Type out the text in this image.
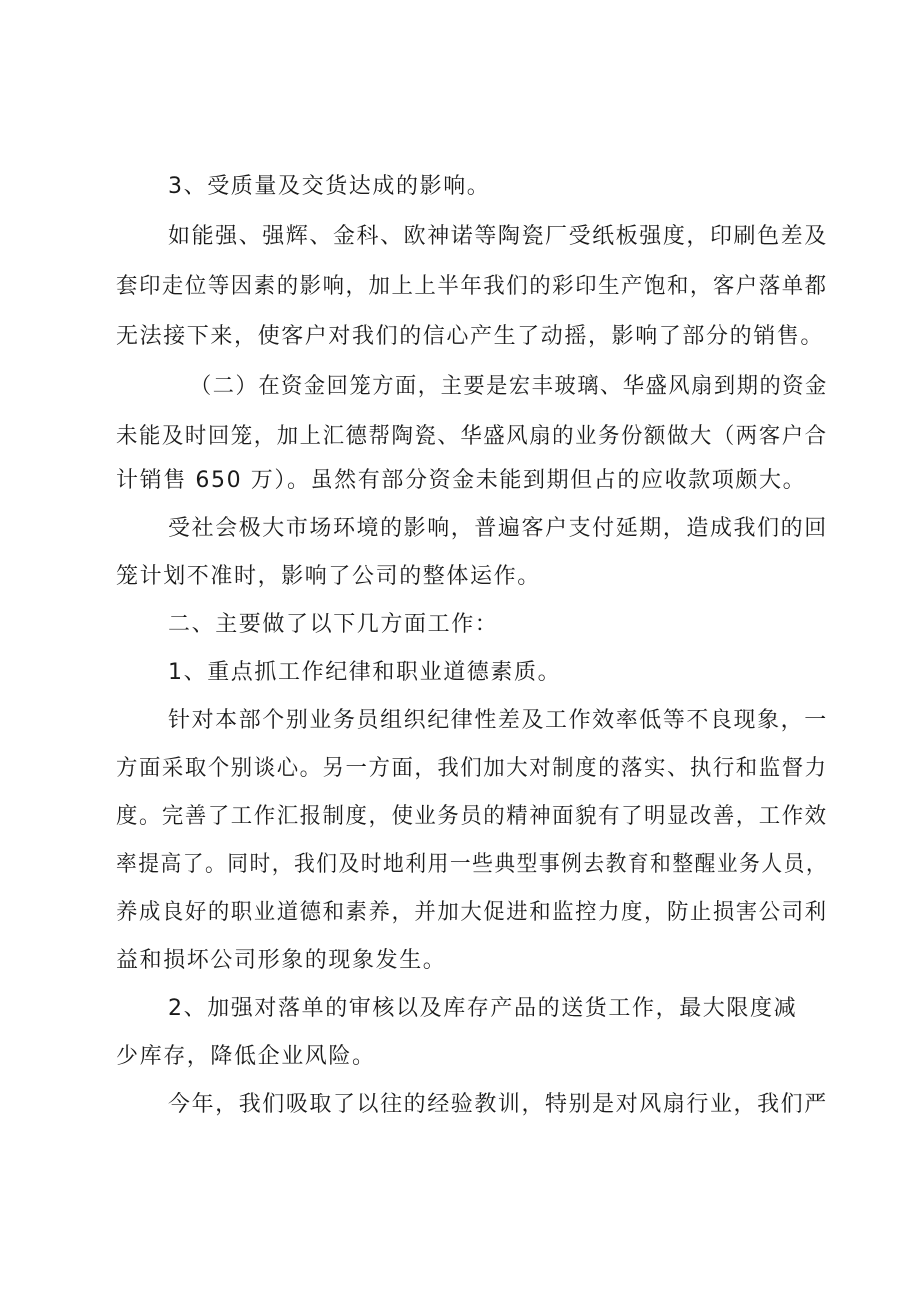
3、受质量及交货达成的影响。
如能强、强辉、金科、欧神诺等陶瓷厂受纸板强度，印刷色差及
套印走位等因素的影响，加上上半年我们的彩印生产饱和，客户落单都
无法接下来，使客户对我们的信心产生了动摇，影响了部分的销售。
（二）在资金回笼方面，主要是宏丰玻璃、华盛风扇到期的资金
未能及时回笼，加上汇德帮陶瓷、华盛风扇的业务份额做大（两客户合
计销售 650 万）。虽然有部分资金未能到期但占的应收款项颇大。
受社会极大市场环境的影响，普遍客户支付延期，造成我们的回
笼计划不准时，影响了公司的整体运作。
二、主要做了以下几方面工作：
1、重点抓工作纪律和职业道德素质。
针对本部个别业务员组织纪律性差及工作效率低等不良现象，一
方面采取个别谈心。另一方面，我们加大对制度的落实、执行和监督力
度。完善了工作汇报制度，使业务员的精神面貌有了明显改善，工作效
率提高了。同时，我们及时地利用一些典型事例去教育和整醒业务人员，
养成良好的职业道德和素养，并加大促进和监控力度，防止损害公司利
益和损坏公司形象的现象发生。
2、加强对落单的审核以及库存产品的送货工作，最大限度减
少库存，降低企业风险。
今年，我们吸取了以往的经验教训，特别是对风扇行业，我们严
